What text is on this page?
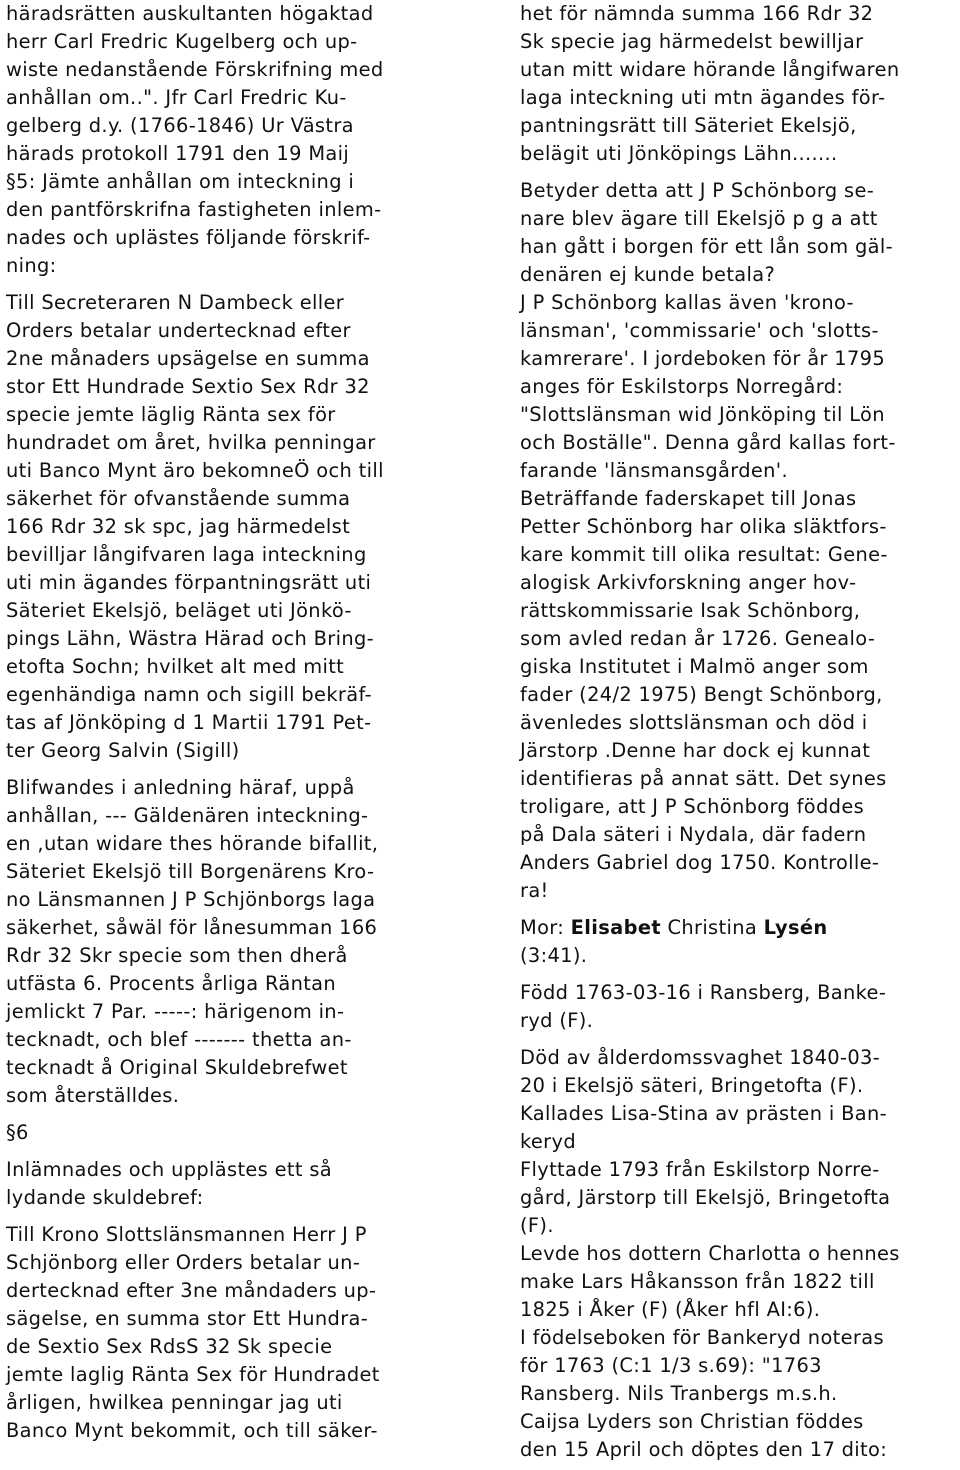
häradsrätten auskultanten högaktad
herr Carl Fredric Kugelberg och up-
wiste nedanstående Förskrifning med
anhållan om..". Jfr Carl Fredric Ku-
gelberg d.y. (1766-1846) Ur Västra
härads protokoll 1791 den 19 Maij
§5: Jämte anhållan om inteckning i
den pantförskrifna fastigheten inlem-
nades och uplästes följande förskrif-
ning:
Till Secreteraren N Dambeck eller
Orders betalar undertecknad efter
2ne månaders upsägelse en summa
stor Ett Hundrade Sextio Sex Rdr 32
specie jemte läglig Ränta sex för
hundradet om året, hvilka penningar
uti Banco Mynt äro bekomneÖ och till
säkerhet för ofvanstående summa
166 Rdr 32 sk spc, jag härmedelst
bevilljar långifvaren laga inteckning
uti min ägandes förpantningsrätt uti
Säteriet Ekelsjö, beläget uti Jönkö-
pings Lähn, Wästra Härad och Bring-
etofta Sochn; hvilket alt med mitt
egenhändiga namn och sigill bekräf-
tas af Jönköping d 1 Martii 1791 Pet-
ter Georg Salvin (Sigill)
Blifwandes i anledning häraf, uppå
anhållan, --- Gäldenären inteckning-
en ,utan widare thes hörande bifallit,
Säteriet Ekelsjö till Borgenärens Kro-
no Länsmannen J P Schjönborgs laga
säkerhet, såwäl för lånesumman 166
Rdr 32 Skr specie som then dherå
utfästa 6. Procents årliga Räntan
jemlickt 7 Par. -----: härigenom in-
tecknadt, och blef ------- thetta an-
tecknadt å Original Skuldebrefwet
som återställdes.
§6
Inlämnades och upplästes ett så
lydande skuldebref:
Till Krono Slottslänsmannen Herr J P
Schjönborg eller Orders betalar un-
dertecknad efter 3ne måndaders up-
sägelse, en summa stor Ett Hundra-
de Sextio Sex RdsS 32 Sk specie
jemte laglig Ränta Sex för Hundradet
årligen, hwilkea penningar jag uti
Banco Mynt bekommit, och till säker-
het för nämnda summa 166 Rdr 32
Sk specie jag härmedelst bewilljar
utan mitt widare hörande långifwaren
laga inteckning uti mtn ägandes för-
pantningsrätt till Säteriet Ekelsjö,
belägit uti Jönköpings Lähn.......
Betyder detta att J P Schönborg se-
nare blev ägare till Ekelsjö p g a att
han gått i borgen för ett lån som gäl-
denären ej kunde betala?
J P Schönborg kallas även 'krono-
länsman', 'commissarie' och 'slotts-
kamrerare'. I jordeboken för år 1795
anges för Eskilstorps Norregård:
"Slottslänsman wid Jönköping til Lön
och Boställe". Denna gård kallas fort-
farande 'länsmansgården'.
Beträffande faderskapet till Jonas
Petter Schönborg har olika släktfors-
kare kommit till olika resultat: Gene-
alogisk Arkivforskning anger hov-
rättskommissarie Isak Schönborg,
som avled redan år 1726. Genealo-
giska Institutet i Malmö anger som
fader (24/2 1975) Bengt Schönborg,
ävenledes slottslänsman och död i
Järstorp .Denne har dock ej kunnat
identifieras på annat sätt. Det synes
troligare, att J P Schönborg föddes
på Dala säteri i Nydala, där fadern
Anders Gabriel dog 1750. Kontrolle-
ra!
Mor: Elisabet Christina Lysén
(3:41).
Född 1763-03-16 i Ransberg, Banke-
ryd (F).
Död av ålderdomssvaghet 1840-03-
20 i Ekelsjö säteri, Bringetofta (F).
Kallades Lisa-Stina av prästen i Ban-
keryd
Flyttade 1793 från Eskilstorp Norre-
gård, Järstorp till Ekelsjö, Bringetofta
(F).
Levde hos dottern Charlotta o hennes
make Lars Håkansson från 1822 till
1825 i Åker (F) (Åker hfl AI:6).
I födelseboken för Bankeryd noteras
för 1763 (C:1 1/3 s.69): "1763
Ransberg. Nils Tranbergs m.s.h.
Caijsa Lyders son Christian föddes
den 15 April och döptes den 17 dito:
